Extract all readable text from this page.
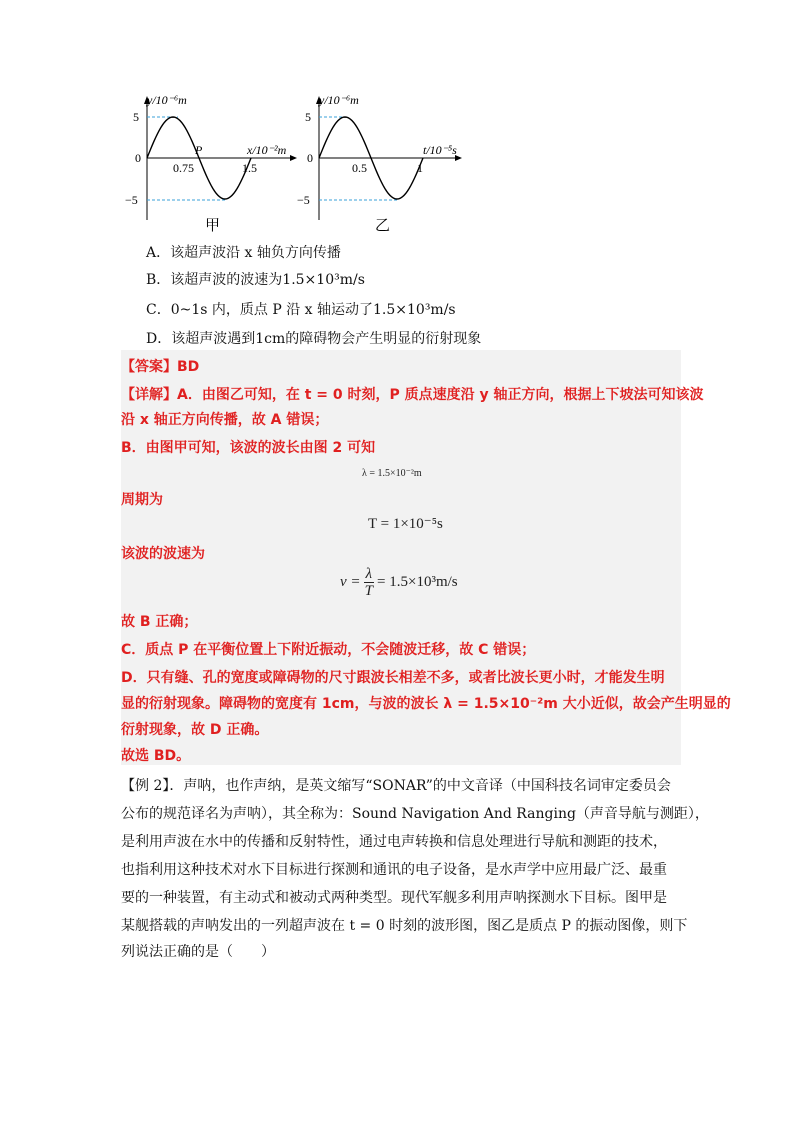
y/10⁻⁶m
5
−5
0
0.75	1.5
P	x/10⁻²m
甲
y/10⁻⁶m
5
−5
0
0.5	1
t/10⁻⁵s
乙
A．该超声波沿 x 轴负方向传播
B．该超声波的波速为1.5×10³m/s
C．0~1s 内，质点 P 沿 x 轴运动了1.5×10³m/s
D．该超声波遇到1cm的障碍物会产生明显的衍射现象
【答案】BD
【详解】A．由图乙可知，在 t = 0 时刻，P 质点速度沿 y 轴正方向，根据上下坡法可知该波
沿 x 轴正方向传播，故 A 错误；
B．由图甲可知，该波的波长由图 2 可知
λ = 1.5×10⁻²m
周期为
T = 1×10⁻⁵s
该波的波速为
$v = \frac{\lambda}{T} = 1.5\times 10^3m/s$
故 B 正确；
C．质点 P 在平衡位置上下附近振动，不会随波迁移，故 C 错误；
D．只有缝、孔的宽度或障碍物的尺寸跟波长相差不多，或者比波长更小时，才能发生明
显的衍射现象。障碍物的宽度有 1cm，与波的波长 λ = 1.5×10⁻²m 大小近似，故会产生明显的
衍射现象，故 D 正确。
故选 BD。
【例 2】．声呐，也作声纳，是英文缩写“SONAR”的中文音译（中国科技名词审定委员会
公布的规范译名为声呐），其全称为：Sound Navigation And Ranging（声音导航与测距），
是利用声波在水中的传播和反射特性，通过电声转换和信息处理进行导航和测距的技术，
也指利用这种技术对水下目标进行探测和通讯的电子设备，是水声学中应用最广泛、最重
要的一种装置，有主动式和被动式两种类型。现代军舰多利用声呐探测水下目标。图甲是
某舰搭载的声呐发出的一列超声波在 t = 0 时刻的波形图，图乙是质点 P 的振动图像，则下
列说法正确的是（　　）
